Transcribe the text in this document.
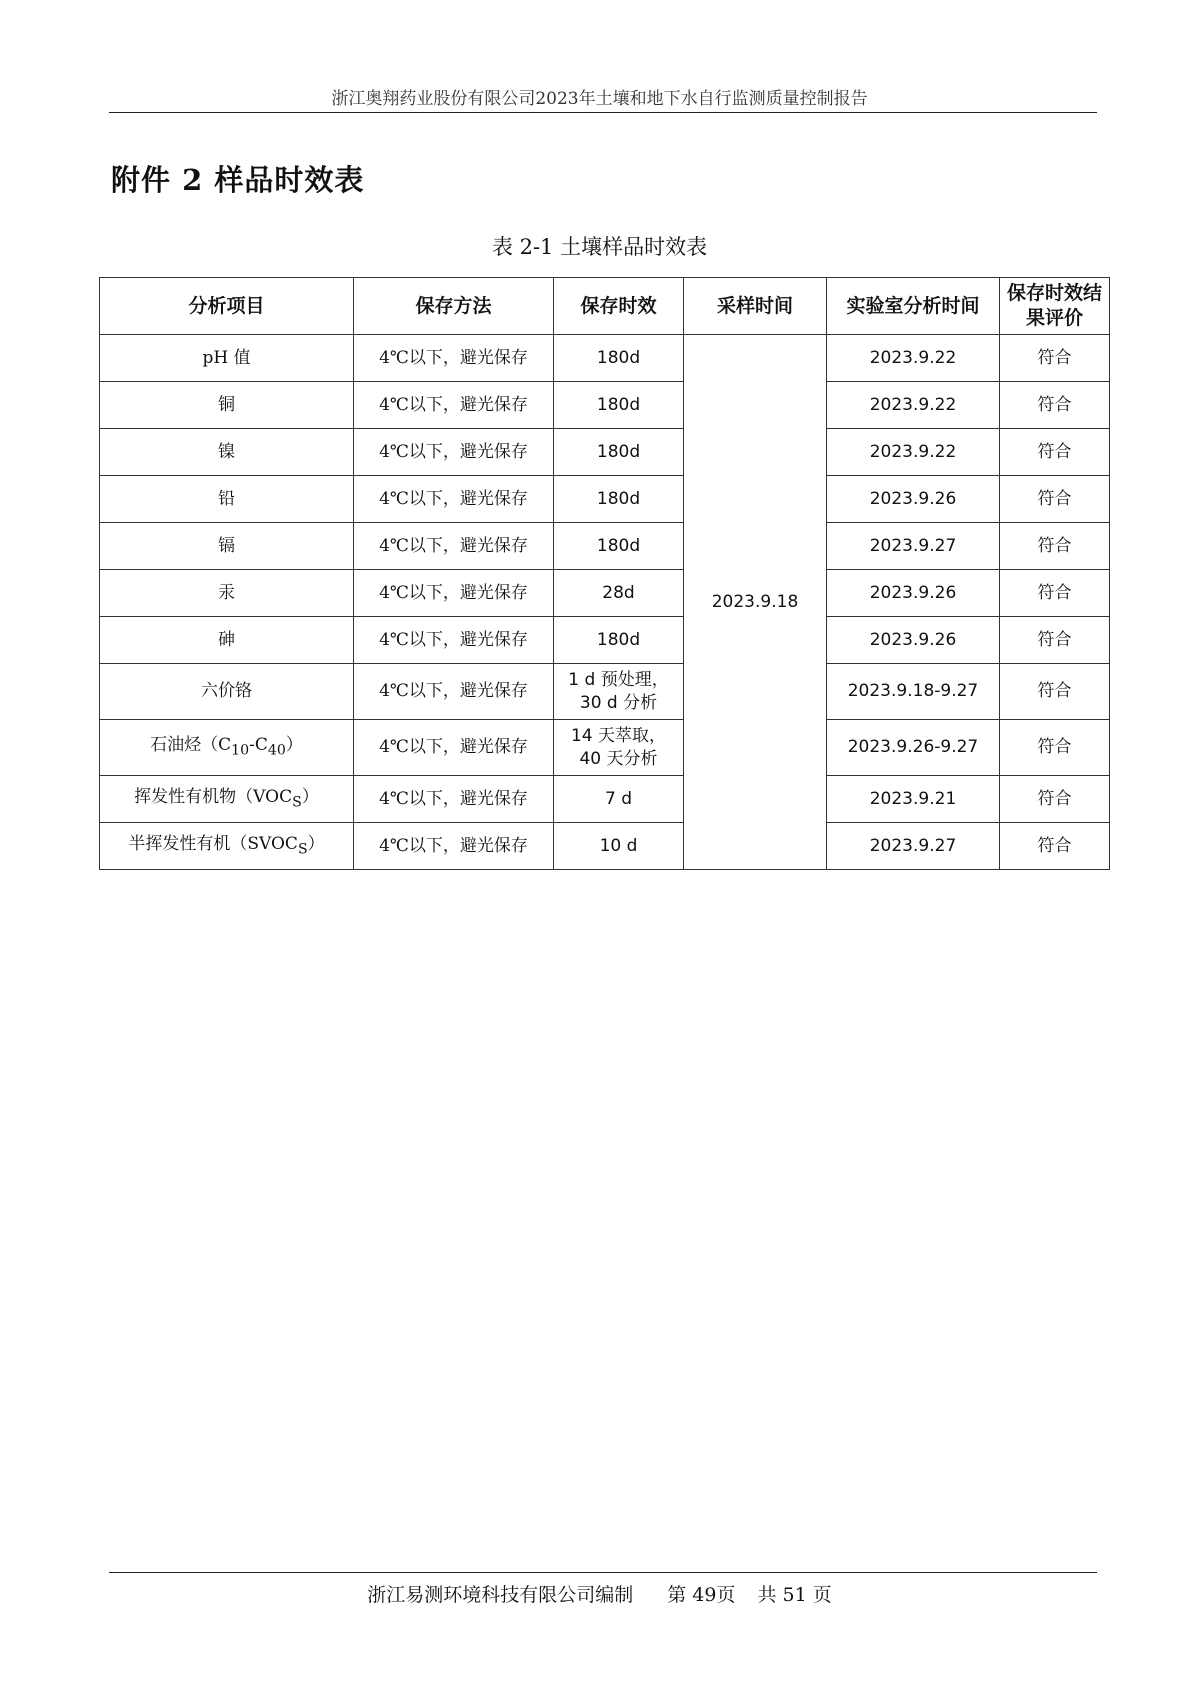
浙江奥翔药业股份有限公司2023年土壤和地下水自行监测质量控制报告
附件 2 样品时效表
表 2-1 土壤样品时效表
分析项目	保存方法	保存时效	采样时间	实验室分析时间	保存时效结果评价
pH 值	4℃以下，避光保存	180d	2023.9.18	2023.9.22	符合
铜	4℃以下，避光保存	180d		2023.9.22	符合
镍	4℃以下，避光保存	180d		2023.9.22	符合
铅	4℃以下，避光保存	180d		2023.9.26	符合
镉	4℃以下，避光保存	180d		2023.9.27	符合
汞	4℃以下，避光保存	28d		2023.9.26	符合
砷	4℃以下，避光保存	180d		2023.9.26	符合
六价铬	4℃以下，避光保存	1 d 预处理，
30 d 分析		2023.9.18-9.27	符合
石油烃$(C_{10}-C_{40})$	4℃以下，避光保存	14 天萃取，
40 天分析		2023.9.26-9.27	符合
挥发性有机物$(VOC_S)$	4℃以下，避光保存	7 d		2023.9.21	符合
半挥发性有机$(SVOC_S)$	4℃以下，避光保存	10 d		2023.9.27	符合
浙江易测环境科技有限公司编制 第 49页 共 51 页
